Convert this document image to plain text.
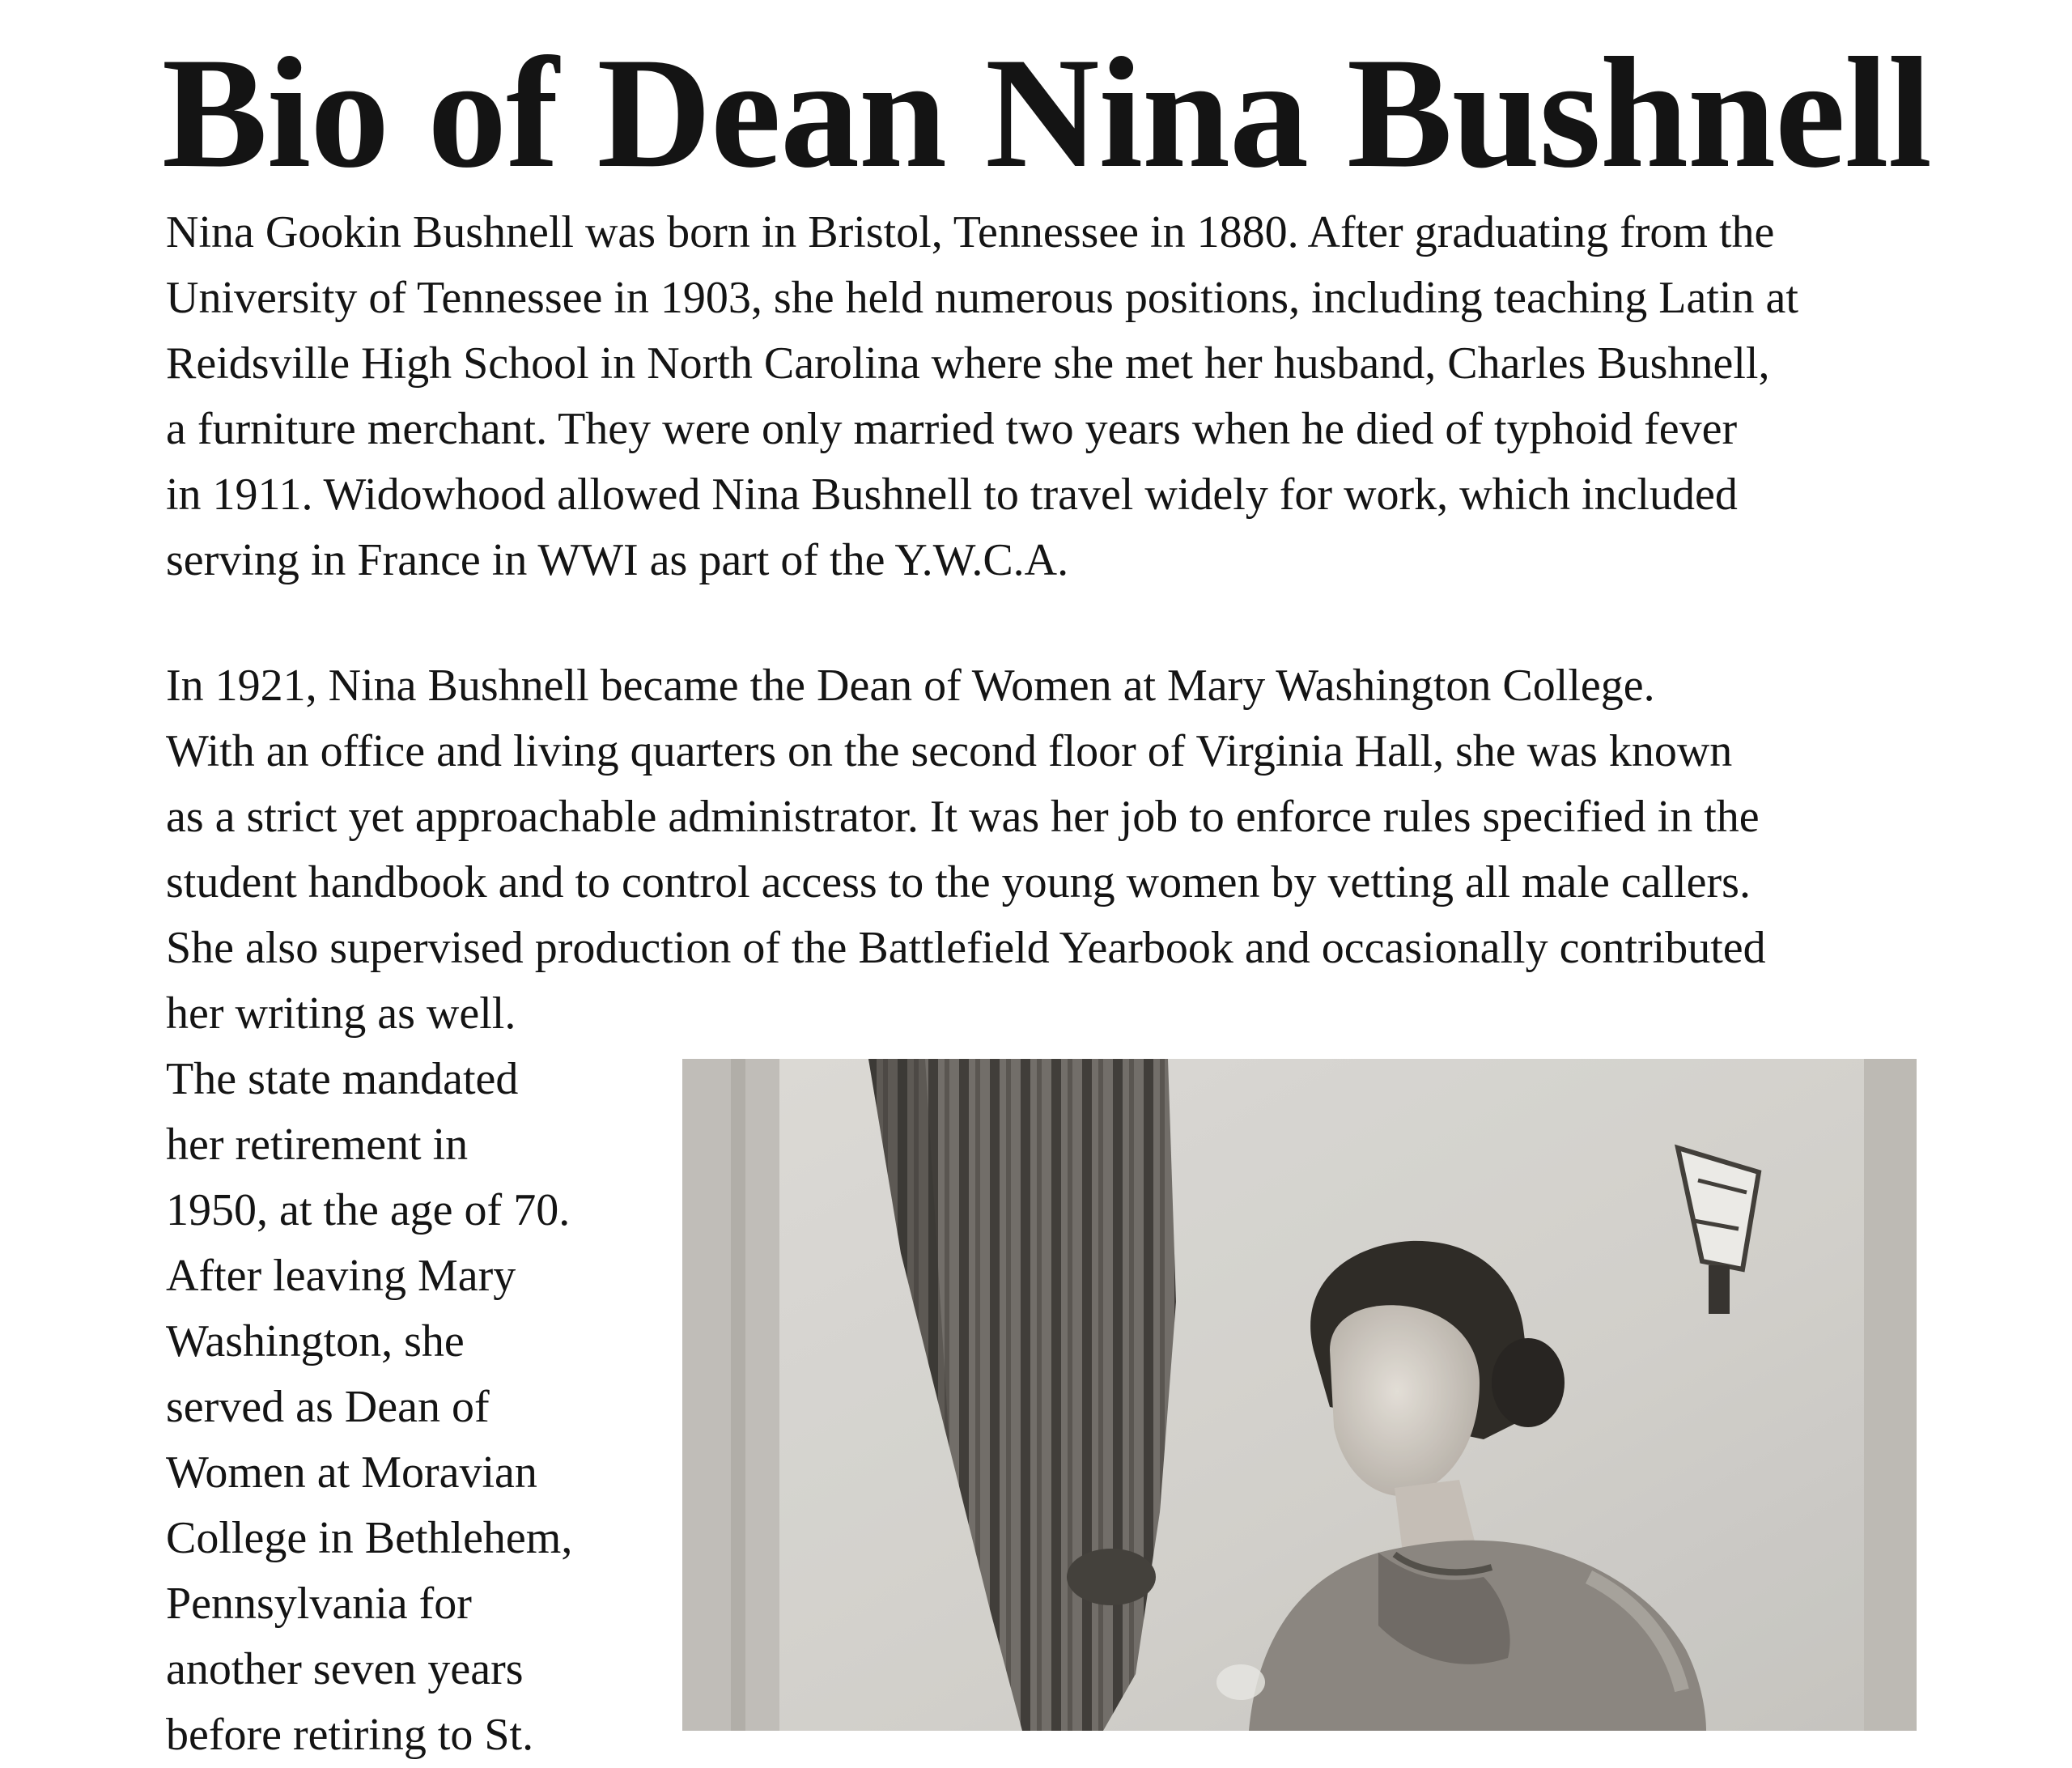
Bio of Dean Nina Bushnell

Nina Gookin Bushnell was born in Bristol, Tennessee in 1880. After graduating from the
University of Tennessee in 1903, she held numerous positions, including teaching Latin at
Reidsville High School in North Carolina where she met her husband, Charles Bushnell,
a furniture merchant. They were only married two years when he died of typhoid fever
in 1911. Widowhood allowed Nina Bushnell to travel widely for work, which included
serving in France in WWI as part of the Y.W.C.A.

In 1921, Nina Bushnell became the Dean of Women at Mary Washington College.
With an office and living quarters on the second floor of Virginia Hall, she was known
as a strict yet approachable administrator. It was her job to enforce rules specified in the
student handbook and to control access to the young women by vetting all male callers.
She also supervised production of the Battlefield Yearbook and occasionally contributed
her writing as well.

The state mandated
her retirement in
1950, at the age of 70.
After leaving Mary
Washington, she
served as Dean of
Women at Moravian
College in Bethlehem,
Pennsylvania for
another seven years
before retiring to St.
